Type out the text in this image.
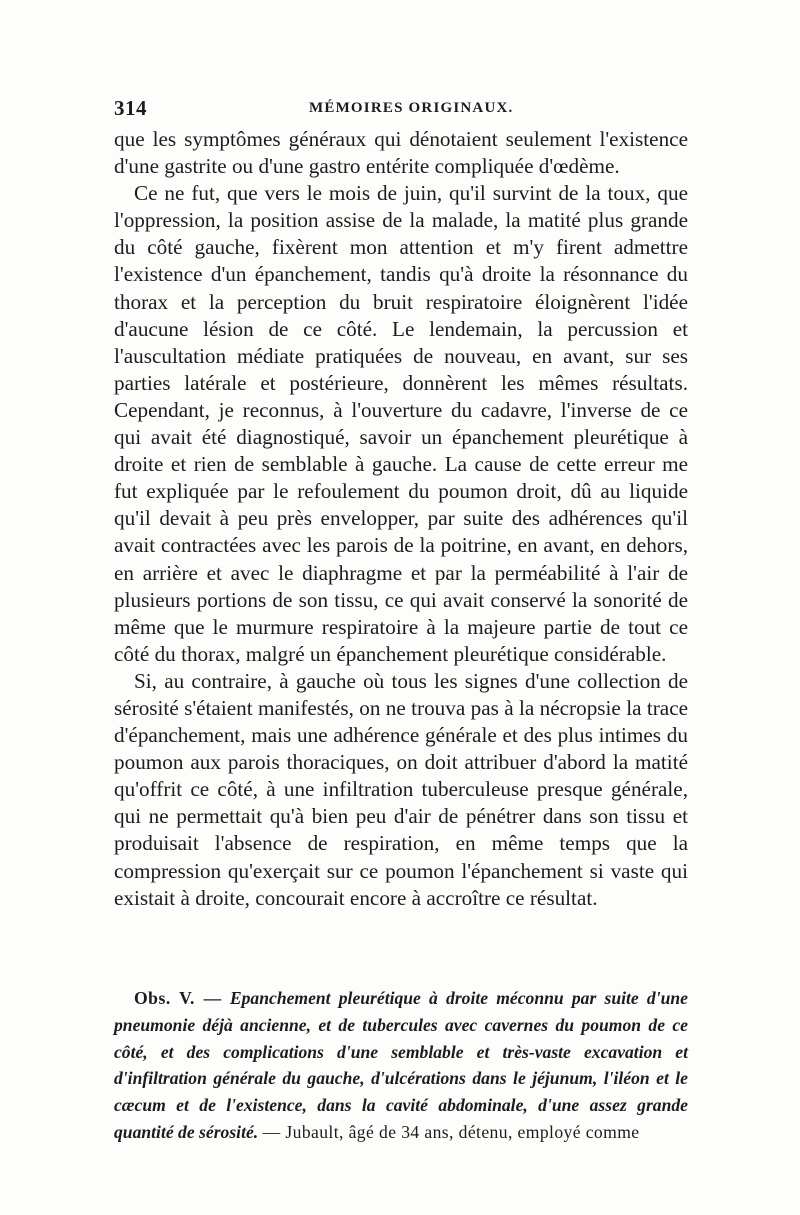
314	MÉMOIRES ORIGINAUX.

que les symptômes généraux qui dénotaient seulement l'existence d'une gastrite ou d'une gastro entérite compliquée d'œdème.

Ce ne fut, que vers le mois de juin, qu'il survint de la toux, que l'oppression, la position assise de la malade, la matité plus grande du côté gauche, fixèrent mon attention et m'y firent admettre l'existence d'un épanchement, tandis qu'à droite la résonnance du thorax et la perception du bruit respiratoire éloignèrent l'idée d'aucune lésion de ce côté. Le lendemain, la percussion et l'auscultation médiate pratiquées de nouveau, en avant, sur ses parties latérale et postérieure, donnèrent les mêmes résultats. Cependant, je reconnus, à l'ouverture du cadavre, l'inverse de ce qui avait été diagnostiqué, savoir un épanchement pleurétique à droite et rien de semblable à gauche. La cause de cette erreur me fut expliquée par le refoulement du poumon droit, dû au liquide qu'il devait à peu près envelopper, par suite des adhérences qu'il avait contractées avec les parois de la poitrine, en avant, en dehors, en arrière et avec le diaphragme et par la perméabilité à l'air de plusieurs portions de son tissu, ce qui avait conservé la sonorité de même que le murmure respiratoire à la majeure partie de tout ce côté du thorax, malgré un épanchement pleurétique considérable.

Si, au contraire, à gauche où tous les signes d'une collection de sérosité s'étaient manifestés, on ne trouva pas à la nécropsie la trace d'épanchement, mais une adhérence générale et des plus intimes du poumon aux parois thoraciques, on doit attribuer d'abord la matité qu'offrit ce côté, à une infiltration tuberculeuse presque générale, qui ne permettait qu'à bien peu d'air de pénétrer dans son tissu et produisait l'absence de respiration, en même temps que la compression qu'exerçait sur ce poumon l'épanchement si vaste qui existait à droite, concourait encore à accroître ce résultat.

Obs. V. — Epanchement pleurétique à droite méconnu par suite d'une pneumonie déjà ancienne, et de tubercules avec cavernes du poumon de ce côté, et des complications d'une semblable et très-vaste excavation et d'infiltration générale du gauche, d'ulcérations dans le jéjunum, l'iléon et le cæcum et de l'existence, dans la cavité abdominale, d'une assez grande quantité de sérosité. — Jubault, âgé de 34 ans, détenu, employé comme
